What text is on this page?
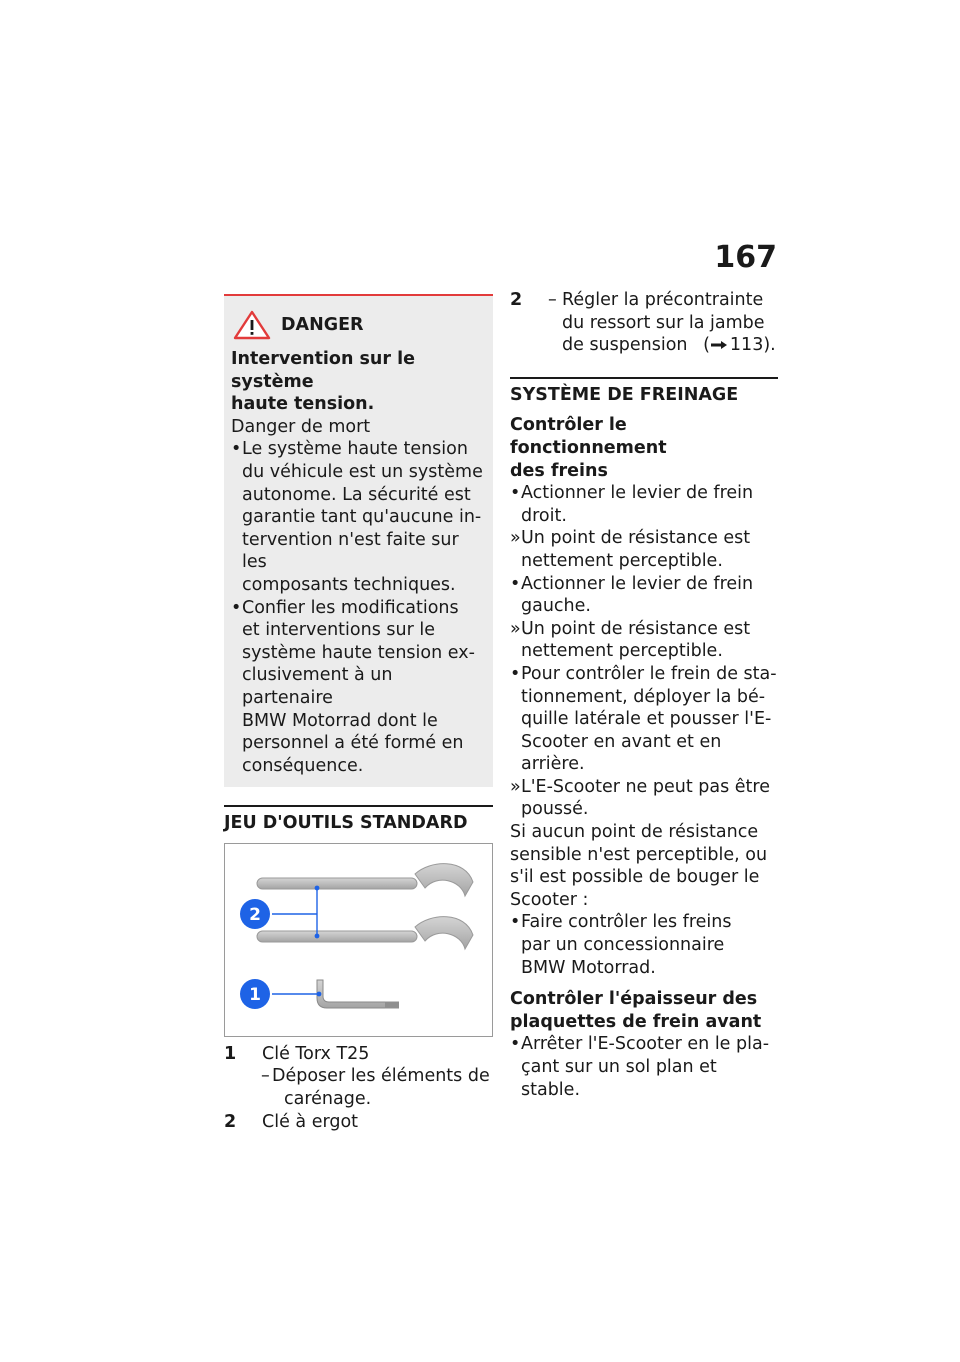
167
DANGER
Intervention sur le système
haute tension.
Danger de mort
• Le système haute tension
du véhicule est un système
autonome. La sécurité est
garantie tant qu'aucune in-
tervention n'est faite sur les
composants techniques.
• Confier les modifications
et interventions sur le
système haute tension ex-
clusivement à un partenaire
BMW Motorrad dont le
personnel a été formé en
conséquence.
JEU D'OUTILS STANDARD
2
1
1 Clé Torx T25
– Déposer les éléments de
carénage.
2 Clé à ergot
2 – Régler la précontrainte
du ressort sur la jambe
de suspension ( 113).
SYSTÈME DE FREINAGE
Contrôler le fonctionnement
des freins
• Actionner le levier de frein
droit.
» Un point de résistance est
nettement perceptible.
• Actionner le levier de frein
gauche.
» Un point de résistance est
nettement perceptible.
• Pour contrôler le frein de sta-
tionnement, déployer la bé-
quille latérale et pousser l'E-
Scooter en avant et en arrière.
» L'E-Scooter ne peut pas être
poussé.
Si aucun point de résistance
sensible n'est perceptible, ou
s'il est possible de bouger le
Scooter :
• Faire contrôler les freins
par un concessionnaire
BMW Motorrad.
Contrôler l'épaisseur des
plaquettes de frein avant
• Arrêter l'E-Scooter en le pla-
çant sur un sol plan et stable.
